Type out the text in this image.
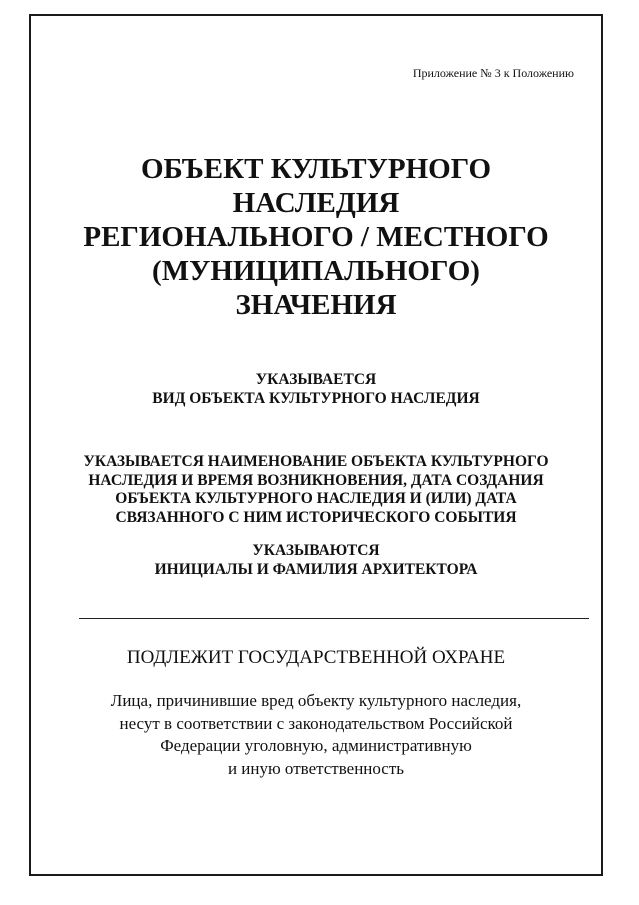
Приложение № 3 к Положению
ОБЪЕКТ КУЛЬТУРНОГО
НАСЛЕДИЯ
РЕГИОНАЛЬНОГО / МЕСТНОГО
(МУНИЦИПАЛЬНОГО)
ЗНАЧЕНИЯ
УКАЗЫВАЕТСЯ
ВИД ОБЪЕКТА КУЛЬТУРНОГО НАСЛЕДИЯ
УКАЗЫВАЕТСЯ НАИМЕНОВАНИЕ ОБЪЕКТА КУЛЬТУРНОГО
НАСЛЕДИЯ И ВРЕМЯ ВОЗНИКНОВЕНИЯ, ДАТА СОЗДАНИЯ
ОБЪЕКТА КУЛЬТУРНОГО НАСЛЕДИЯ И (ИЛИ) ДАТА
СВЯЗАННОГО С НИМ ИСТОРИЧЕСКОГО СОБЫТИЯ
УКАЗЫВАЮТСЯ
ИНИЦИАЛЫ И ФАМИЛИЯ АРХИТЕКТОРА
ПОДЛЕЖИТ ГОСУДАРСТВЕННОЙ ОХРАНЕ
Лица, причинившие вред объекту культурного наследия,
несут в соответствии с законодательством Российской
Федерации уголовную, административную
и иную ответственность
